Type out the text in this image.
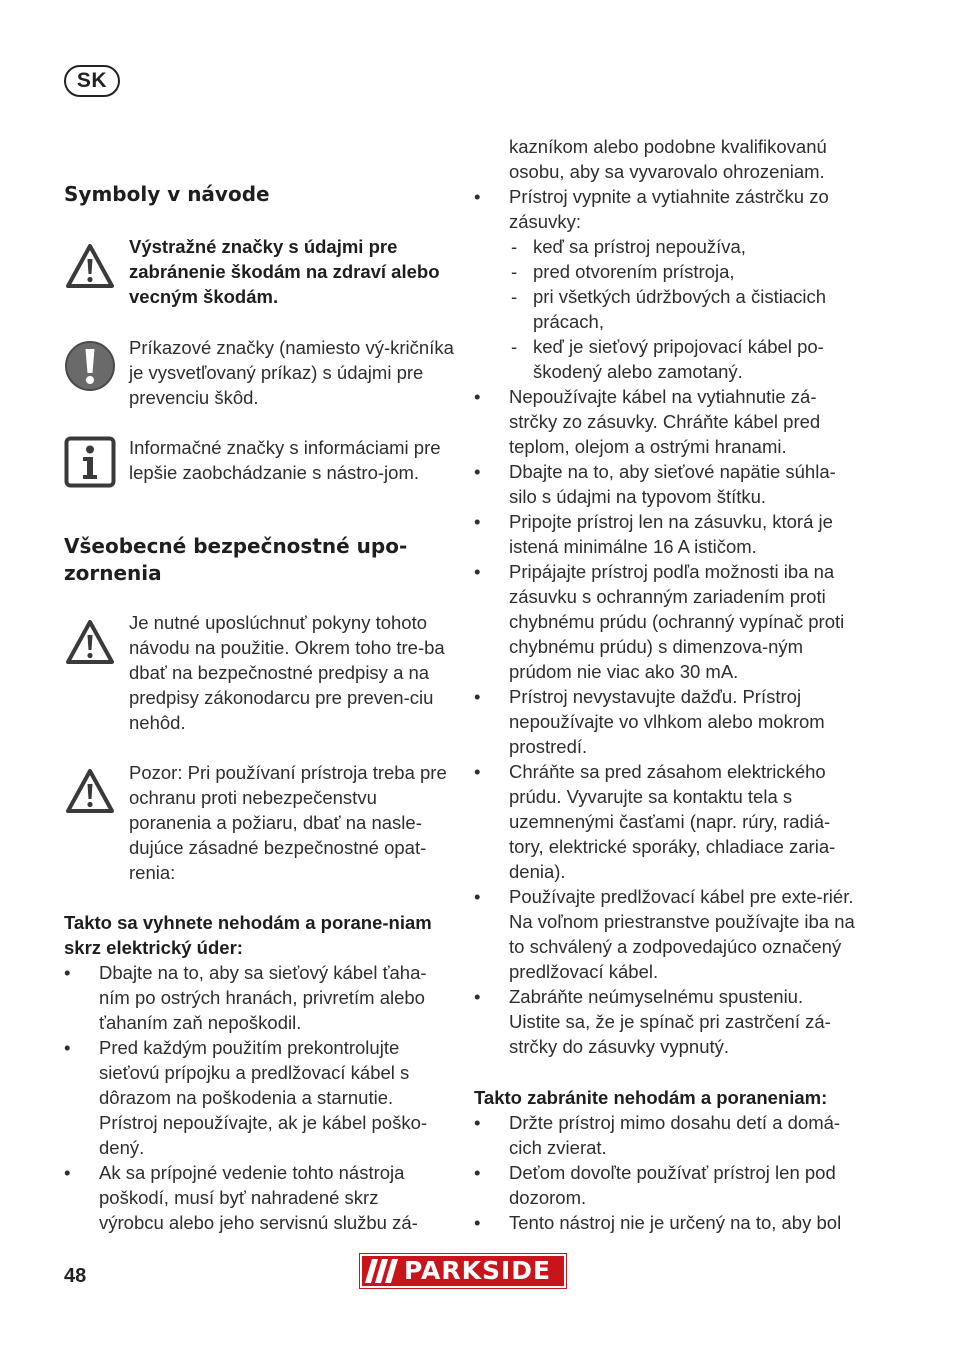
SK
Symboly v návode
Výstražné značky s údajmi pre zabránenie škodám na zdraví alebo vecným škodám.
Príkazové značky (namiesto vý-kričníka je vysvetľovaný príkaz) s údajmi pre prevenciu škôd.
Informačné značky s informáciami pre lepšie zaobchádzanie s nástro-jom.
Všeobecné bezpečnostné upo-zornenia
Je nutné uposlúchnuť pokyny tohoto návodu na použitie. Okrem toho tre-ba dbať na bezpečnostné predpisy a na predpisy zákonodarcu pre preven-ciu nehôd.
Pozor: Pri používaní prístroja treba pre ochranu proti nebezpečenstvu poranenia a požiaru, dbať na nasle-dujúce zásadné bezpečnostné opat-renia:
Takto sa vyhnete nehodám a porane-niam skrz elektrický úder:
• Dbajte na to, aby sa sieťový kábel ťaha-ním po ostrých hranách, privretím alebo ťahaním zaň nepoškodil.
• Pred každým použitím prekontrolujte sieťovú prípojku a predlžovací kábel s dôrazom na poškodenia a starnutie. Prístroj nepoužívajte, ak je kábel poško-dený.
• Ak sa prípojné vedenie tohto nástroja poškodí, musí byť nahradené skrz výrobcu alebo jeho servisnú službu zá-
kazníkom alebo podobne kvalifikovanú osobu, aby sa vyvarovalo ohrozeniam.
• Prístroj vypnite a vytiahnite zástrčku zo zásuvky:
- keď sa prístroj nepoužíva,
- pred otvorením prístroja,
- pri všetkých údržbových a čistiacich prácach,
- keď je sieťový pripojovací kábel po-škodený alebo zamotaný.
• Nepoužívajte kábel na vytiahnutie zá-strčky zo zásuvky. Chráňte kábel pred teplom, olejom a ostrými hranami.
• Dbajte na to, aby sieťové napätie súhla-silo s údajmi na typovom štítku.
• Pripojte prístroj len na zásuvku, ktorá je istená minimálne 16 A ističom.
• Pripájajte prístroj podľa možnosti iba na zásuvku s ochranným zariadením proti chybnému prúdu (ochranný vypínač proti chybnému prúdu) s dimenzova-ným prúdom nie viac ako 30 mA.
• Prístroj nevystavujte dažďu. Prístroj nepoužívajte vo vlhkom alebo mokrom prostredí.
• Chráňte sa pred zásahom elektrického prúdu. Vyvarujte sa kontaktu tela s uzemnenými časťami (napr. rúry, radiá-tory, elektrické sporáky, chladiace zaria-denia).
• Používajte predlžovací kábel pre exte-riér. Na voľnom priestranstve používajte iba na to schválený a zodpovedajúco označený predlžovací kábel.
• Zabráňte neúmyselnému spusteniu. Uistite sa, že je spínač pri zastrčení zá-strčky do zásuvky vypnutý.
Takto zabránite nehodám a poraneniam:
• Držte prístroj mimo dosahu detí a domá-cich zvierat.
• Deťom dovoľte používať prístroj len pod dozorom.
• Tento nástroj nie je určený na to, aby bol
48	PARKSIDE
